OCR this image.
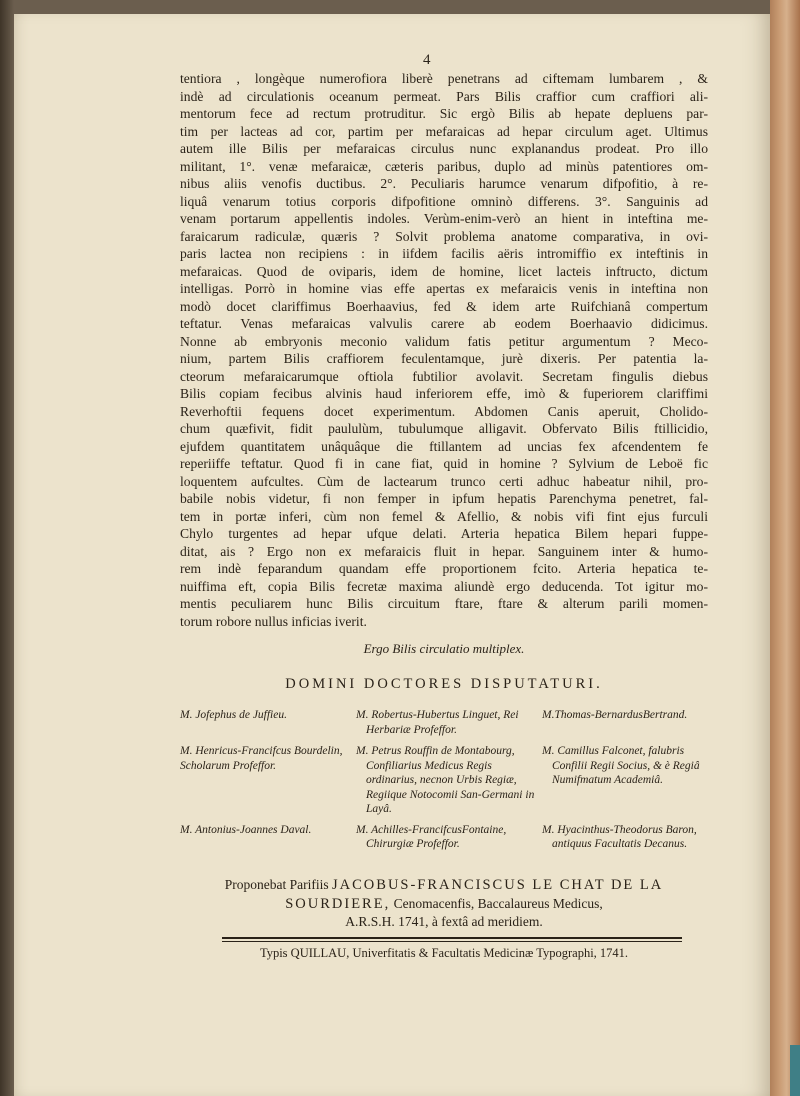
4

tentiora , longèque numerofiora liberè penetrans ad ciftemam lumbarem , &

indè ad circulationis oceanum permeat. Pars Bilis craffior cum craffiori ali-

mentorum fece ad rectum protruditur. Sic ergò Bilis ab hepate depluens par-

tim per lacteas ad cor, partim per mefaraicas ad hepar circulum aget. Ultimus

autem ille Bilis per mefaraicas circulus nunc explanandus prodeat. Pro illo

militant, 1°. venæ mefaraicæ, cæteris paribus, duplo ad minùs patentiores om-

nibus aliis venofis ductibus. 2°. Peculiaris harumce venarum difpofitio, à re-

liquâ venarum totius corporis difpofitione omninò differens. 3°. Sanguinis ad

venam portarum appellentis indoles. Verùm-enim-verò an hient in inteftina me-

faraicarum radiculæ, quæris ? Solvit problema anatome comparativa, in ovi-

paris lactea non recipiens : in iifdem facilis aëris intromiffio ex inteftinis in

mefaraicas. Quod de oviparis, idem de homine, licet lacteis inftructo, dictum

intelligas. Porrò in homine vias effe apertas ex mefaraicis venis in inteftina non

modò docet clariffimus Boerhaavius, fed & idem arte Ruifchianâ compertum

teftatur. Venas mefaraicas valvulis carere ab eodem Boerhaavio didicimus.

Nonne ab embryonis meconio validum fatis petitur argumentum ? Meco-

nium, partem Bilis craffiorem feculentamque, jurè dixeris. Per patentia la-

cteorum mefaraicarumque oftiola fubtilior avolavit. Secretam fingulis diebus

Bilis copiam fecibus alvinis haud inferiorem effe, imò & fuperiorem clariffimi

Reverhoftii fequens docet experimentum. Abdomen Canis aperuit, Cholido-

chum quæfivit, fidit paululùm, tubulumque alligavit. Obfervato Bilis ftillicidio,

ejufdem quantitatem unâquâque die ftillantem ad uncias fex afcendentem fe

reperiiffe teftatur. Quod fi in cane fiat, quid in homine ? Sylvium de Leboë fic

loquentem aufcultes. Cùm de lactearum trunco certi adhuc habeatur nihil, pro-

babile nobis videtur, fi non femper in ipfum hepatis Parenchyma penetret, fal-

tem in portæ inferi, cùm non femel & Afellio, & nobis vifi fint ejus furculi

Chylo turgentes ad hepar ufque delati. Arteria hepatica Bilem hepari fuppe-

ditat, ais ? Ergo non ex mefaraicis fluit in hepar. Sanguinem inter & humo-

rem indè feparandum quandam effe proportionem fcito. Arteria hepatica te-

nuiffima eft, copia Bilis fecretæ maxima aliundè ergo deducenda. Tot igitur mo-

mentis peculiarem hunc Bilis circuitum ftare, ftare & alterum parili momen-

torum robore nullus inficias iverit.

Ergo Bilis circulatio multiplex.
DOMINI DOCTORES DISPUTATURI.
M. Jofephus de Juffieu.	M. Robertus-Hubertus Linguet, Rei Herbariæ Profeffor.
M.Thomas-BernardusBertrand.
M. Henricus-Francifcus Bourdelin, Scholarum Profeffor.
M. Petrus Rouffin de Montabourg, Confiliarius Medicus Regis ordinarius, necnon Urbis Regiæ, Regiique Notocomii San-Germani in Layâ.
M. Camillus Falconet, falubris Confilii Regii Socius, & è Regiâ Numifmatum Academiâ.
M. Antonius-Joannes Daval.	M. Achilles-FrancifcusFontaine, Chirurgiæ Profeffor.
M. Hyacinthus-Theodorus Baron, antiquus Facultatis Decanus.
Proponebat Parifiis JACOBUS-FRANCISCUS LE CHAT DE LA
SOURDIERE, Cenomacenfis, Baccalaureus Medicus,
A.R.S.H. 1741, à fextâ ad meridiem.
Typis QUILLAU, Univerfitatis & Facultatis Medicinæ Typographi, 1741.
